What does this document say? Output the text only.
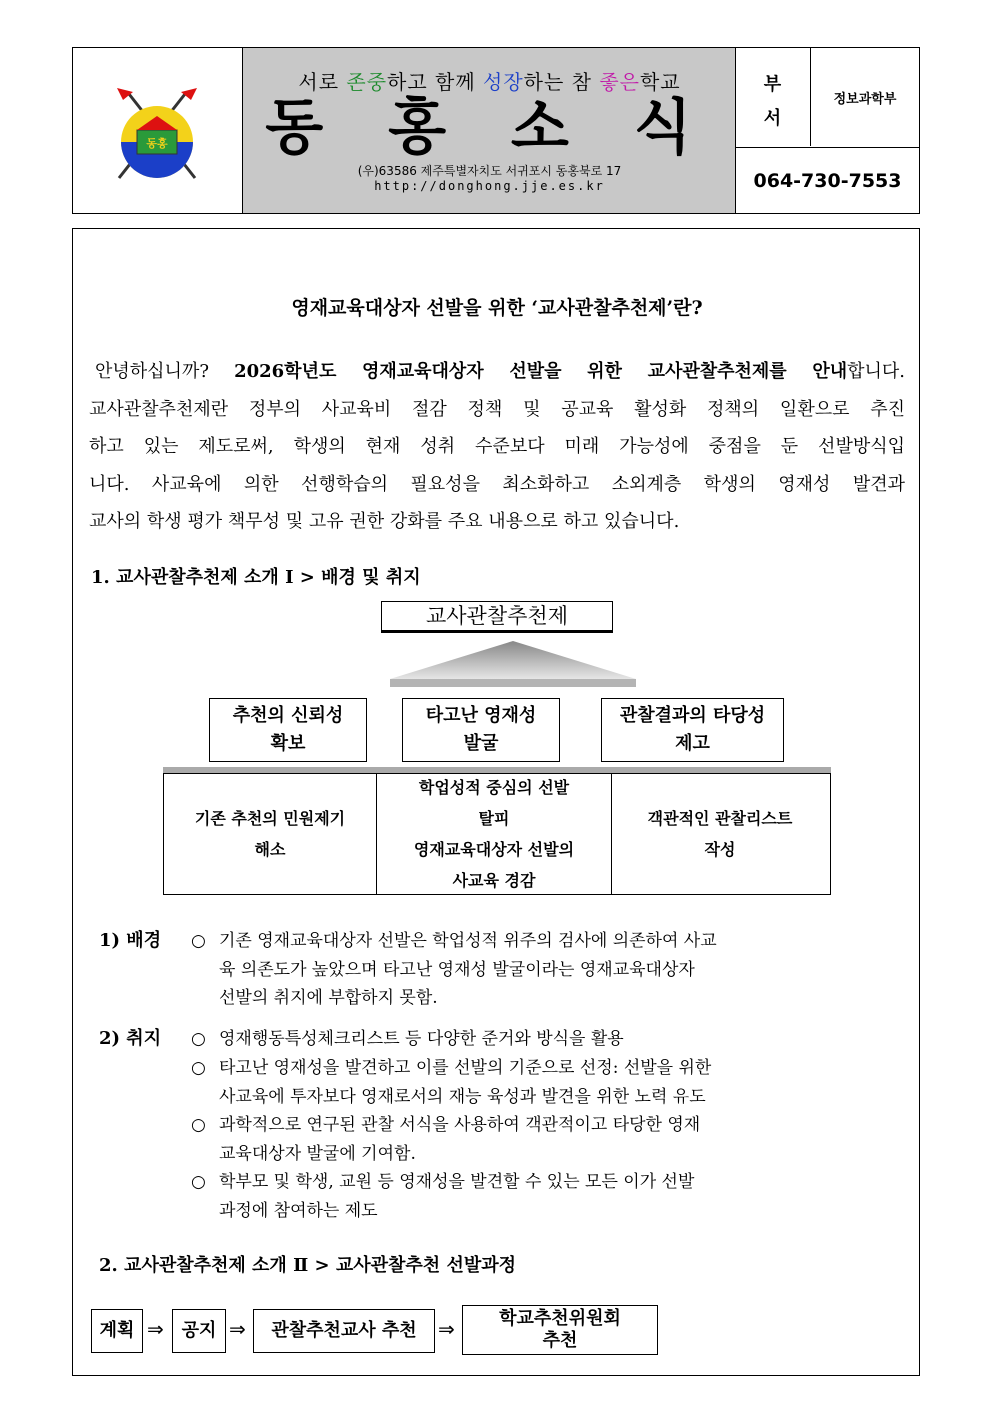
동홍
서로 존중하고 함께 성장하는 참 좋은학교
동 홍 소 식
(우)63586 제주특별자치도 서귀포시 동홍북로 17
http://donghong.jje.es.kr
부
서
정보과학부
064-730-7553
영재교육대상자 선발을 위한 ‘교사관찰추천제’란?
안녕하십니까? 2026학년도 영재교육대상자 선발을 위한 교사관찰추천제를 안내합니다.
교사관찰추천제란 정부의 사교육비 절감 정책 및 공교육 활성화 정책의 일환으로 추진
하고 있는 제도로써, 학생의 현재 성취 수준보다 미래 가능성에 중점을 둔 선발방식입
니다. 사교육에 의한 선행학습의 필요성을 최소화하고 소외계층 학생의 영재성 발견과
교사의 학생 평가 책무성 및 고유 권한 강화를 주요 내용으로 하고 있습니다.
1. 교사관찰추천제 소개 Ⅰ > 배경 및 취지
교사관찰추천제
추천의 신뢰성
확보
타고난 영재성
발굴
관찰결과의 타당성
제고
기존 추천의 민원제기
해소
학업성적 중심의 선발
탈피
영재교육대상자 선발의
사교육 경감
객관적인 관찰리스트
작성
1) 배경 ○ 기존 영재교육대상자 선발은 학업성적 위주의 검사에 의존하여 사교
육 의존도가 높았으며 타고난 영재성 발굴이라는 영재교육대상자
선발의 취지에 부합하지 못함.
2) 취지 ○ 영재행동특성체크리스트 등 다양한 준거와 방식을 활용
○ 타고난 영재성을 발견하고 이를 선발의 기준으로 선정: 선발을 위한
사교육에 투자보다 영재로서의 재능 육성과 발견을 위한 노력 유도
○ 과학적으로 연구된 관찰 서식을 사용하여 객관적이고 타당한 영재
교육대상자 발굴에 기여함.
○ 학부모 및 학생, 교원 등 영재성을 발견할 수 있는 모든 이가 선발
과정에 참여하는 제도
2. 교사관찰추천제 소개 Ⅱ > 교사관찰추천 선발과정
계획 ⇒ 공지 ⇒	관찰추천교사 추천	⇒ 학교추천위원회
추천
